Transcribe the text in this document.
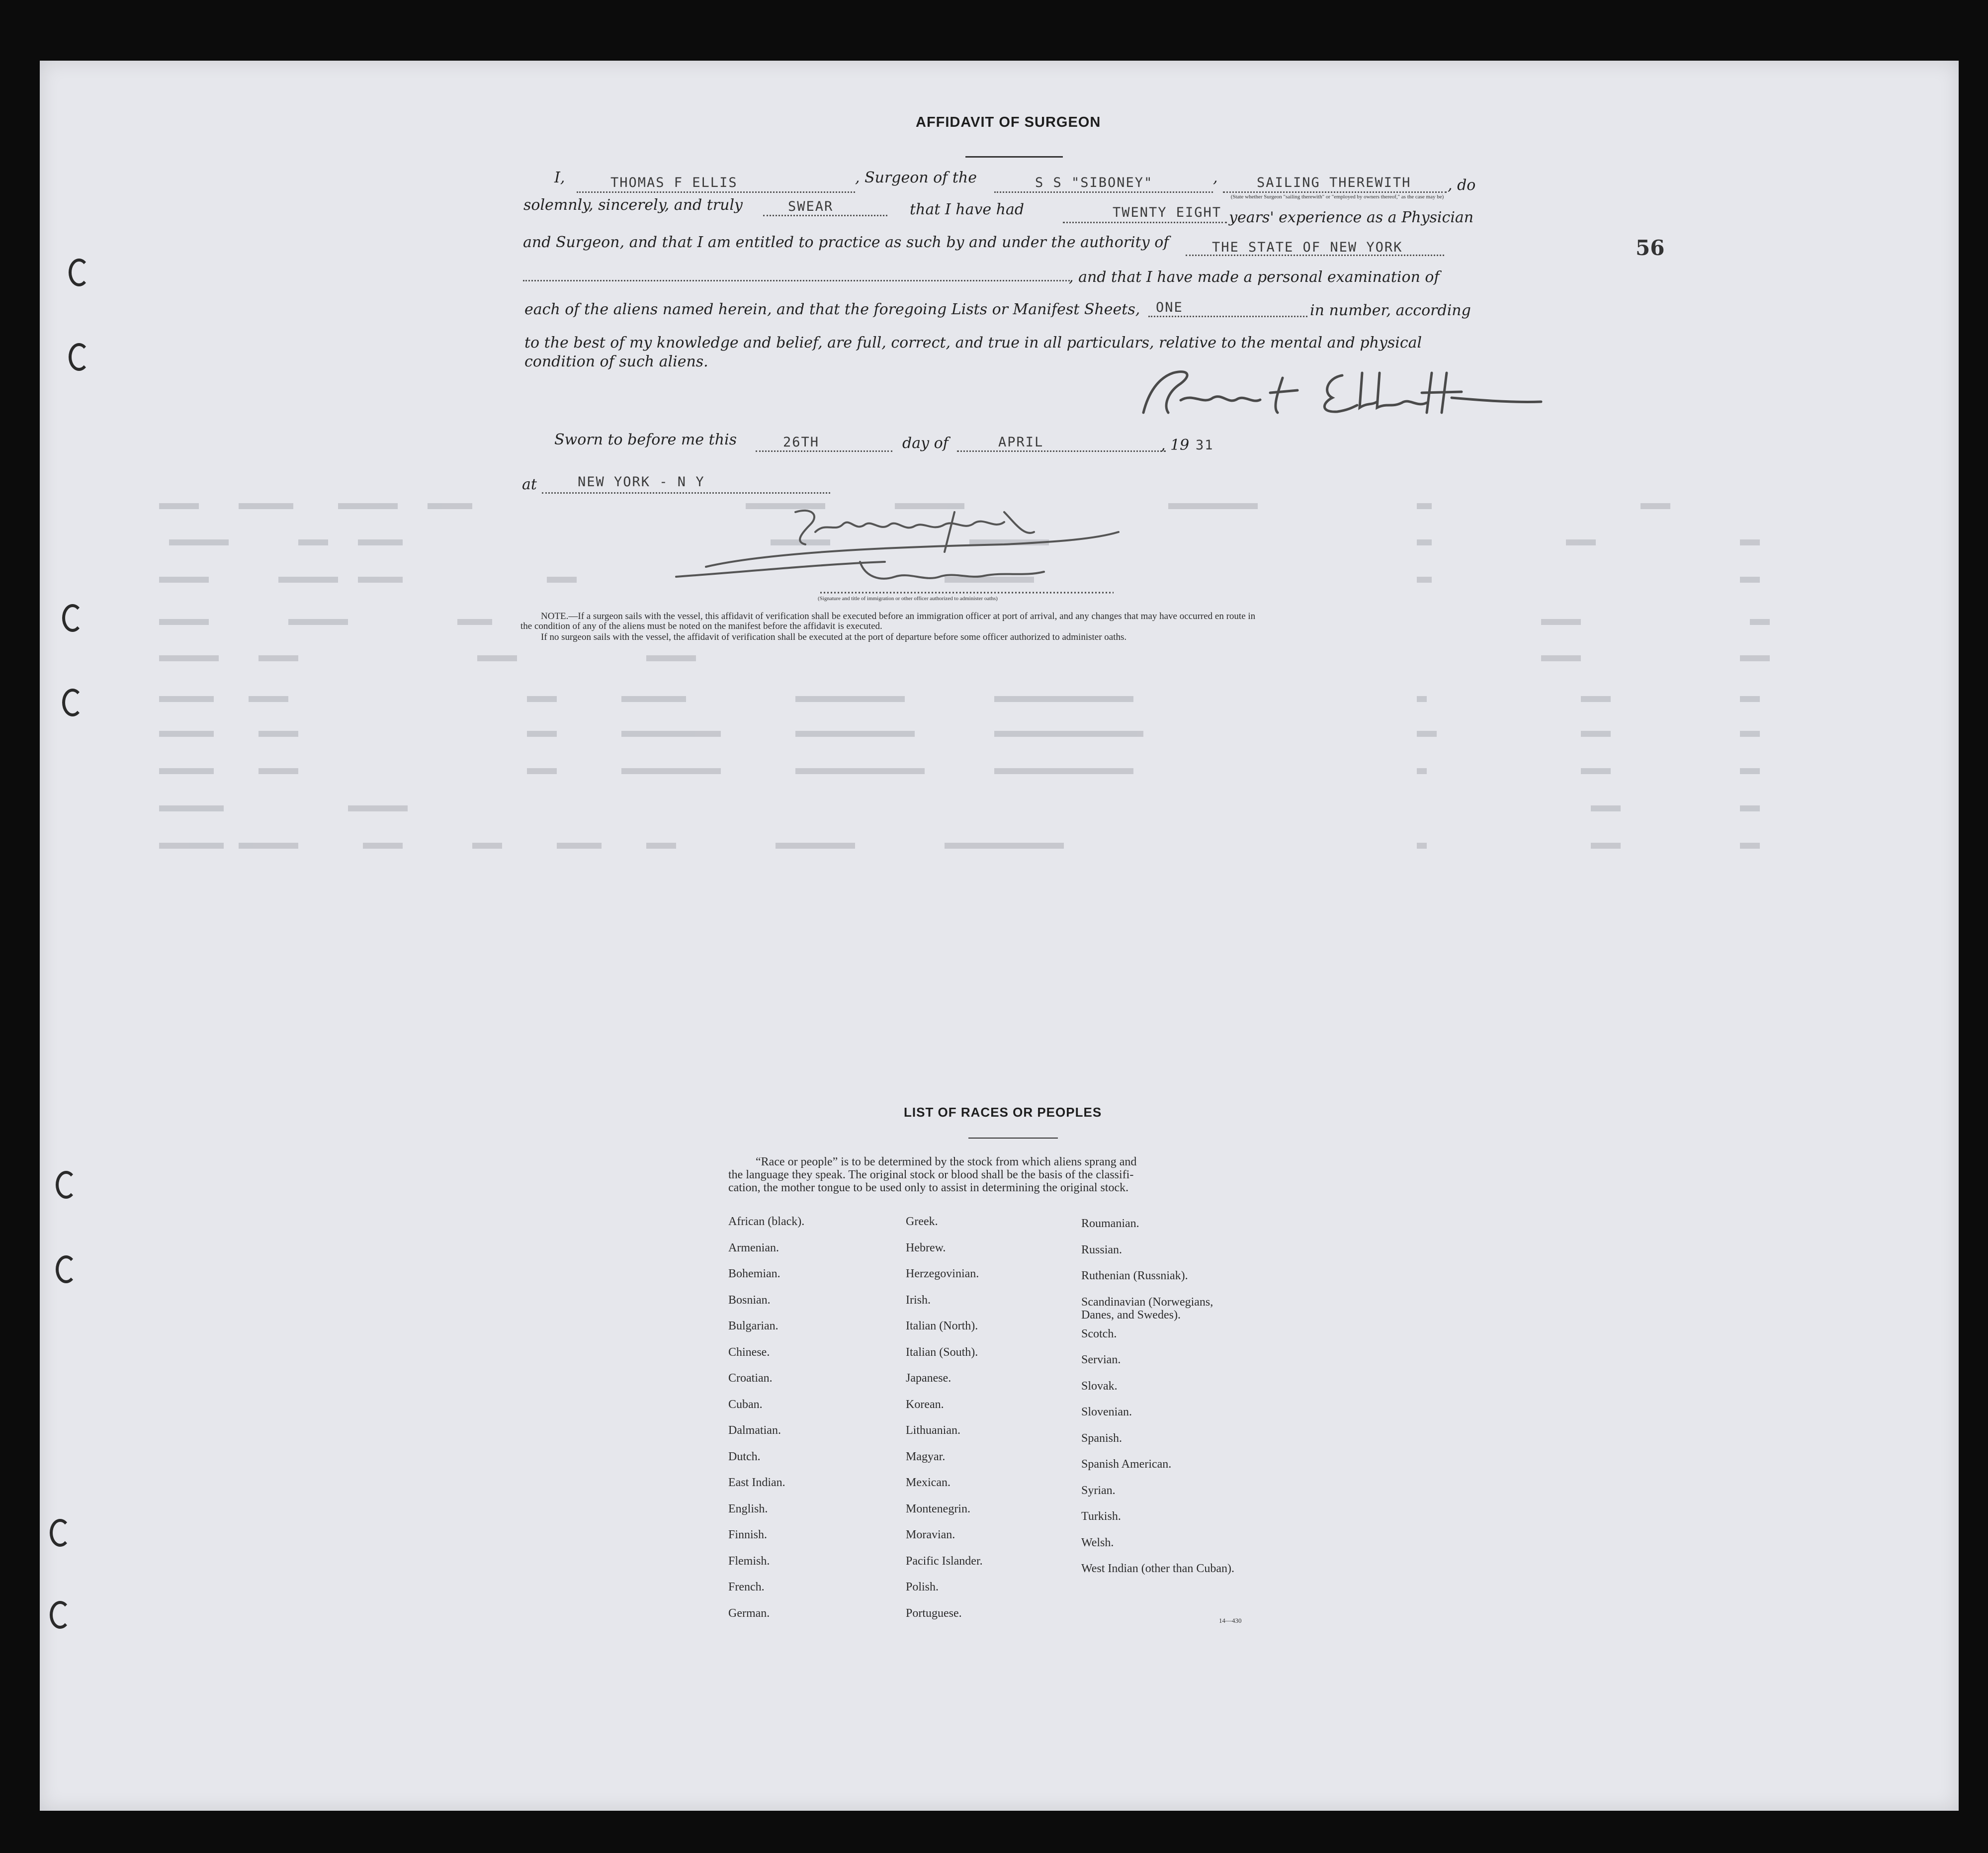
56
AFFIDAVIT OF SURGEON
I,	THOMAS F ELLIS	, Surgeon of the	S S "SIBONEY"	,	SAILING THEREWITH , do
(State whether Surgeon "sailing therewith" or "employed by owners thereof," as the case may be)
solemnly, sincerely, and truly	SWEAR	that I have had	TWENTY EIGHT years' experience as a Physician
and Surgeon, and that I am entitled to practice as such by and under the authority of	THE STATE OF NEW YORK
, and that I have made a personal examination of
each of the aliens named herein, and that the foregoing Lists or Manifest Sheets, ONE	in number, according
to the best of my knowledge and belief, are full, correct, and true in all particulars, relative to the mental and physical
condition of such aliens.
Sworn to before me this	26TH	day of	APRIL	, 19 31
at	NEW YORK - N Y
(Signature and title of immigration or other officer authorized to administer oaths)
NOTE.—If a surgeon sails with the vessel, this affidavit of verification shall be executed before an immigration officer at port of arrival, and any changes that may have occurred en route in
the condition of any of the aliens must be noted on the manifest before the affidavit is executed.
If no surgeon sails with the vessel, the affidavit of verification shall be executed at the port of departure before some officer authorized to administer oaths.
LIST OF RACES OR PEOPLES
“Race or people” is to be determined by the stock from which aliens sprang and
the language they speak. The original stock or blood shall be the basis of the classifi-
cation, the mother tongue to be used only to assist in determining the original stock.
African (black).
Armenian.
Bohemian.
Bosnian.
Bulgarian.
Chinese.
Croatian.
Cuban.
Dalmatian.
Dutch.
East Indian.
English.
Finnish.
Flemish.
French.
German.
Greek.
Hebrew.
Herzegovinian.
Irish.
Italian (North).
Italian (South).
Japanese.
Korean.
Lithuanian.
Magyar.
Mexican.
Montenegrin.
Moravian.
Pacific Islander.
Polish.
Portuguese.
Roumanian.
Russian.
Ruthenian (Russniak).
Scandinavian (Norwegians, Danes, and Swedes).
Scotch.
Servian.
Slovak.
Slovenian.
Spanish.
Spanish American.
Syrian.
Turkish.
Welsh.
West Indian (other than Cuban).
14—430
